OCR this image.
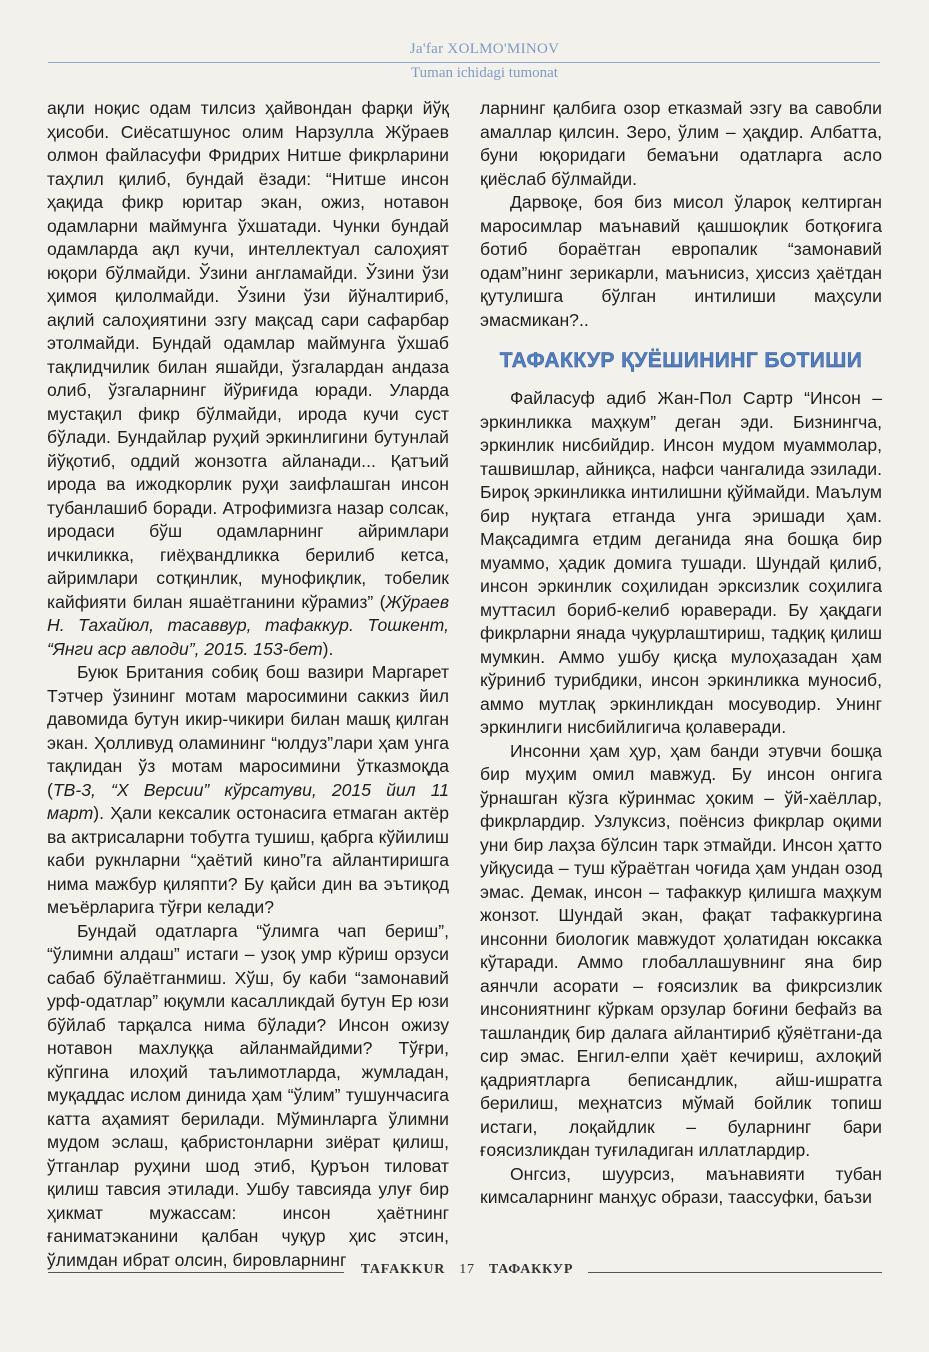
Ja'far XOLMO'MINOV
Tuman ichidagi tumonat

ақли ноқис одам тилсиз ҳайвондан фарқи йўқ ҳисоби. Сиёсатшунос олим Нарзулла Жўраев олмон файласуфи Фридрих Нитше фикрларини таҳлил қилиб, бундай ёзади: “Нитше инсон ҳақида фикр юритар экан, ожиз, нотавон одамларни маймунга ўхшатади. Чунки бундай одамларда ақл кучи, интеллектуал салоҳият юқори бўлмайди. Ўзини англамайди. Ўзини ўзи ҳимоя қилолмайди. Ўзини ўзи йўналтириб, ақлий салоҳиятини эзгу мақсад сари сафарбар этолмайди. Бундай одамлар маймунга ўхшаб тақлидчилик билан яшайди, ўзгалардан андаза олиб, ўзгаларнинг йўриғида юради. Уларда мустақил фикр бўлмайди, ирода кучи суст бўлади. Бундайлар руҳий эркинлигини бутунлай йўқотиб, оддий жонзотга айланади... Қатъий ирода ва ижодкорлик руҳи заифлашган инсон тубанлашиб боради. Атрофимизга назар солсак, иродаси бўш одамларнинг айримлари ичкиликка, гиёҳвандликка берилиб кетса, айримлари сотқинлик, мунофиқлик, тобелик кайфияти билан яшаётганини кўрамиз” (Жўраев Н. Тахайюл, тасаввур, тафаккур. Тошкент, “Янги аср авлоди”, 2015. 153-бет).

Буюк Британия собиқ бош вазири Маргарет Тэтчер ўзининг мотам маросимини саккиз йил давомида бутун икир-чикири билан машқ қилган экан. Ҳолливуд оламининг “юлдуз”лари ҳам унга тақлидан ўз мотам маросимини ўтказмоқда (ТВ-3, “Х Версии” кўрсатуви, 2015 йил 11 март). Ҳали кексалик остонасига етмаган актёр ва актрисаларни тобутга тушиш, қабрга кўйилиш каби рукнларни “ҳаётий кино”га айлантиришга нима мажбур қиляпти? Бу қайси дин ва эътиқод меъёрларига тўғри келади?

Бундай одатларга “ўлимга чап бериш”, “ўлимни алдаш” истаги – узоқ умр кўриш орзуси сабаб бўлаётганмиш. Хўш, бу каби “замонавий урф-одатлар” юқумли касалликдай бутун Ер юзи бўйлаб тарқалса нима бўлади? Инсон ожизу нотавон махлуққа айланмайдими? Тўғри, кўпгина илоҳий таълимотларда, жумладан, муқаддас ислом динида ҳам “ўлим” тушунчасига катта аҳамият берилади. Мўминларга ўлимни мудом эслаш, қабристонларни зиёрат қилиш, ўтганлар руҳини шод этиб, Қуръон тиловат қилиш тавсия этилади. Ушбу тавсияда улуғ бир ҳикмат мужассам: инсон ҳаётнинг ғаниматэканини қалбан чуқур ҳис этсин, ўлимдан ибрат олсин, бировларнинг

ларнинг қалбига озор етказмай эзгу ва савобли амаллар қилсин. Зеро, ўлим – ҳақдир. Албатта, буни юқоридаги бемаъни одатларга асло қиёслаб бўлмайди.

Дарвоқе, боя биз мисол ўлароқ келтирган маросимлар маънавий қашшоқлик ботқоғига ботиб бораётган европалик “замонавий одам”нинг зерикарли, маънисиз, ҳиссиз ҳаётдан қутулишга бўлган интилиши маҳсули эмасмикан?..

ТАФАККУР ҚУЁШИНИНГ БОТИШИ

Файласуф адиб Жан-Пол Сартр “Инсон – эркинликка маҳкум” деган эди. Бизнингча, эркинлик нисбийдир. Инсон мудом муаммолар, ташвишлар, айниқса, нафси чангалида эзилади. Бироқ эркинликка интилишни қўймайди. Маълум бир нуқтага етганда унга эришади ҳам. Мақсадимга етдим деганида яна бошқа бир муаммо, ҳадик домига тушади. Шундай қилиб, инсон эркинлик соҳилидан эрксизлик соҳилига муттасил бориб-келиб юраверади. Бу ҳақдаги фикрларни янада чуқурлаштириш, тадқиқ қилиш мумкин. Аммо ушбу қисқа мулоҳазадан ҳам кўриниб турибдики, инсон эркинликка муносиб, аммо мутлақ эркинликдан мосуводир. Унинг эркинлиги нисбийлигича қолаверади.

Инсонни ҳам ҳур, ҳам банди этувчи бошқа бир муҳим омил мавжуд. Бу инсон онгига ўрнашган кўзга кўринмас ҳоким – ўй-хаёллар, фикрлардир. Узлуксиз, поёнсиз фикрлар оқими уни бир лаҳза бўлсин тарк этмайди. Инсон ҳатто уйқусида – туш кўраётган чоғида ҳам ундан озод эмас. Демак, инсон – тафаккур қилишга маҳкум жонзот. Шундай экан, фақат тафаккургина инсонни биологик мавжудот ҳолатидан юксакка кўтаради. Аммо глобаллашувнинг яна бир аянчли асорати – ғоясизлик ва фикрсизлик инсониятнинг кўркам орзулар боғини бефайз ва ташландиқ бир далага айлантириб қўяётгани-да сир эмас. Енгил-елпи ҳаёт кечириш, ахлоқий қадриятларга беписандлик, айш-ишратга берилиш, меҳнатсиз мўмай бойлик топиш истаги, лоқайдлик – буларнинг бари ғоясизликдан туғиладиган иллатлардир.

Онгсиз, шуурсиз, маънавияти тубан кимсаларнинг манҳус образи, таассуфки, баъзи

TAFAKKUR 17 ТАФАККУР
